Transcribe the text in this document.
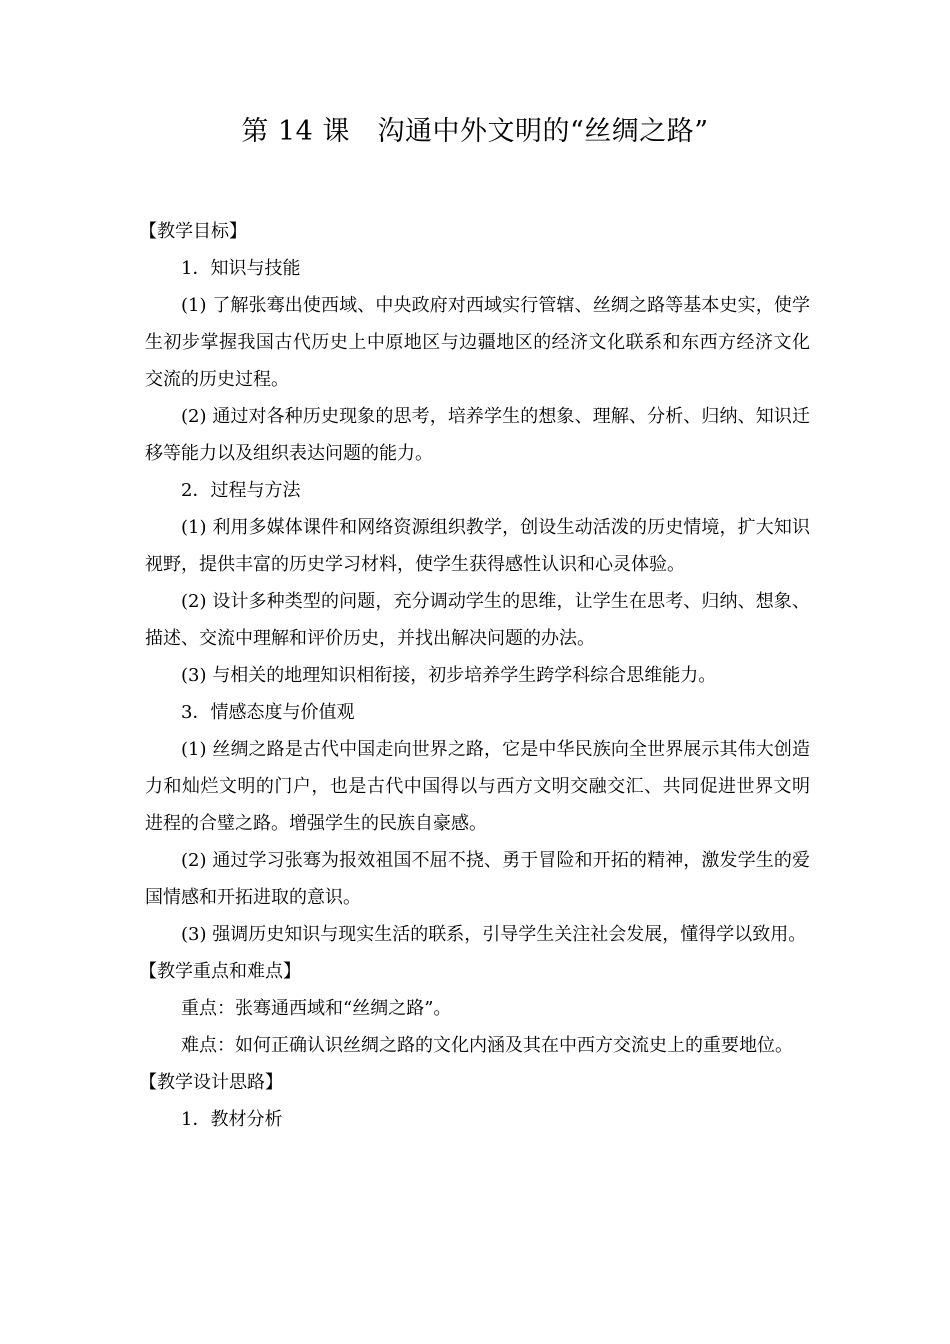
第 14 课　沟通中外文明的“丝绸之路”

【教学目标】

1．知识与技能

(1) 了解张骞出使西域、中央政府对西域实行管辖、丝绸之路等基本史实，使学生初步掌握我国古代历史上中原地区与边疆地区的经济文化联系和东西方经济文化交流的历史过程。

(2) 通过对各种历史现象的思考，培养学生的想象、理解、分析、归纳、知识迁移等能力以及组织表达问题的能力。

2．过程与方法

(1) 利用多媒体课件和网络资源组织教学，创设生动活泼的历史情境，扩大知识视野，提供丰富的历史学习材料，使学生获得感性认识和心灵体验。

(2) 设计多种类型的问题，充分调动学生的思维，让学生在思考、归纳、想象、描述、交流中理解和评价历史，并找出解决问题的办法。

(3) 与相关的地理知识相衔接，初步培养学生跨学科综合思维能力。

3．情感态度与价值观

(1) 丝绸之路是古代中国走向世界之路，它是中华民族向全世界展示其伟大创造力和灿烂文明的门户，也是古代中国得以与西方文明交融交汇、共同促进世界文明进程的合璧之路。增强学生的民族自豪感。

(2) 通过学习张骞为报效祖国不屈不挠、勇于冒险和开拓的精神，激发学生的爱国情感和开拓进取的意识。

(3) 强调历史知识与现实生活的联系，引导学生关注社会发展，懂得学以致用。

【教学重点和难点】

重点：张骞通西域和“丝绸之路”。

难点：如何正确认识丝绸之路的文化内涵及其在中西方交流史上的重要地位。

【教学设计思路】

1．教材分析
